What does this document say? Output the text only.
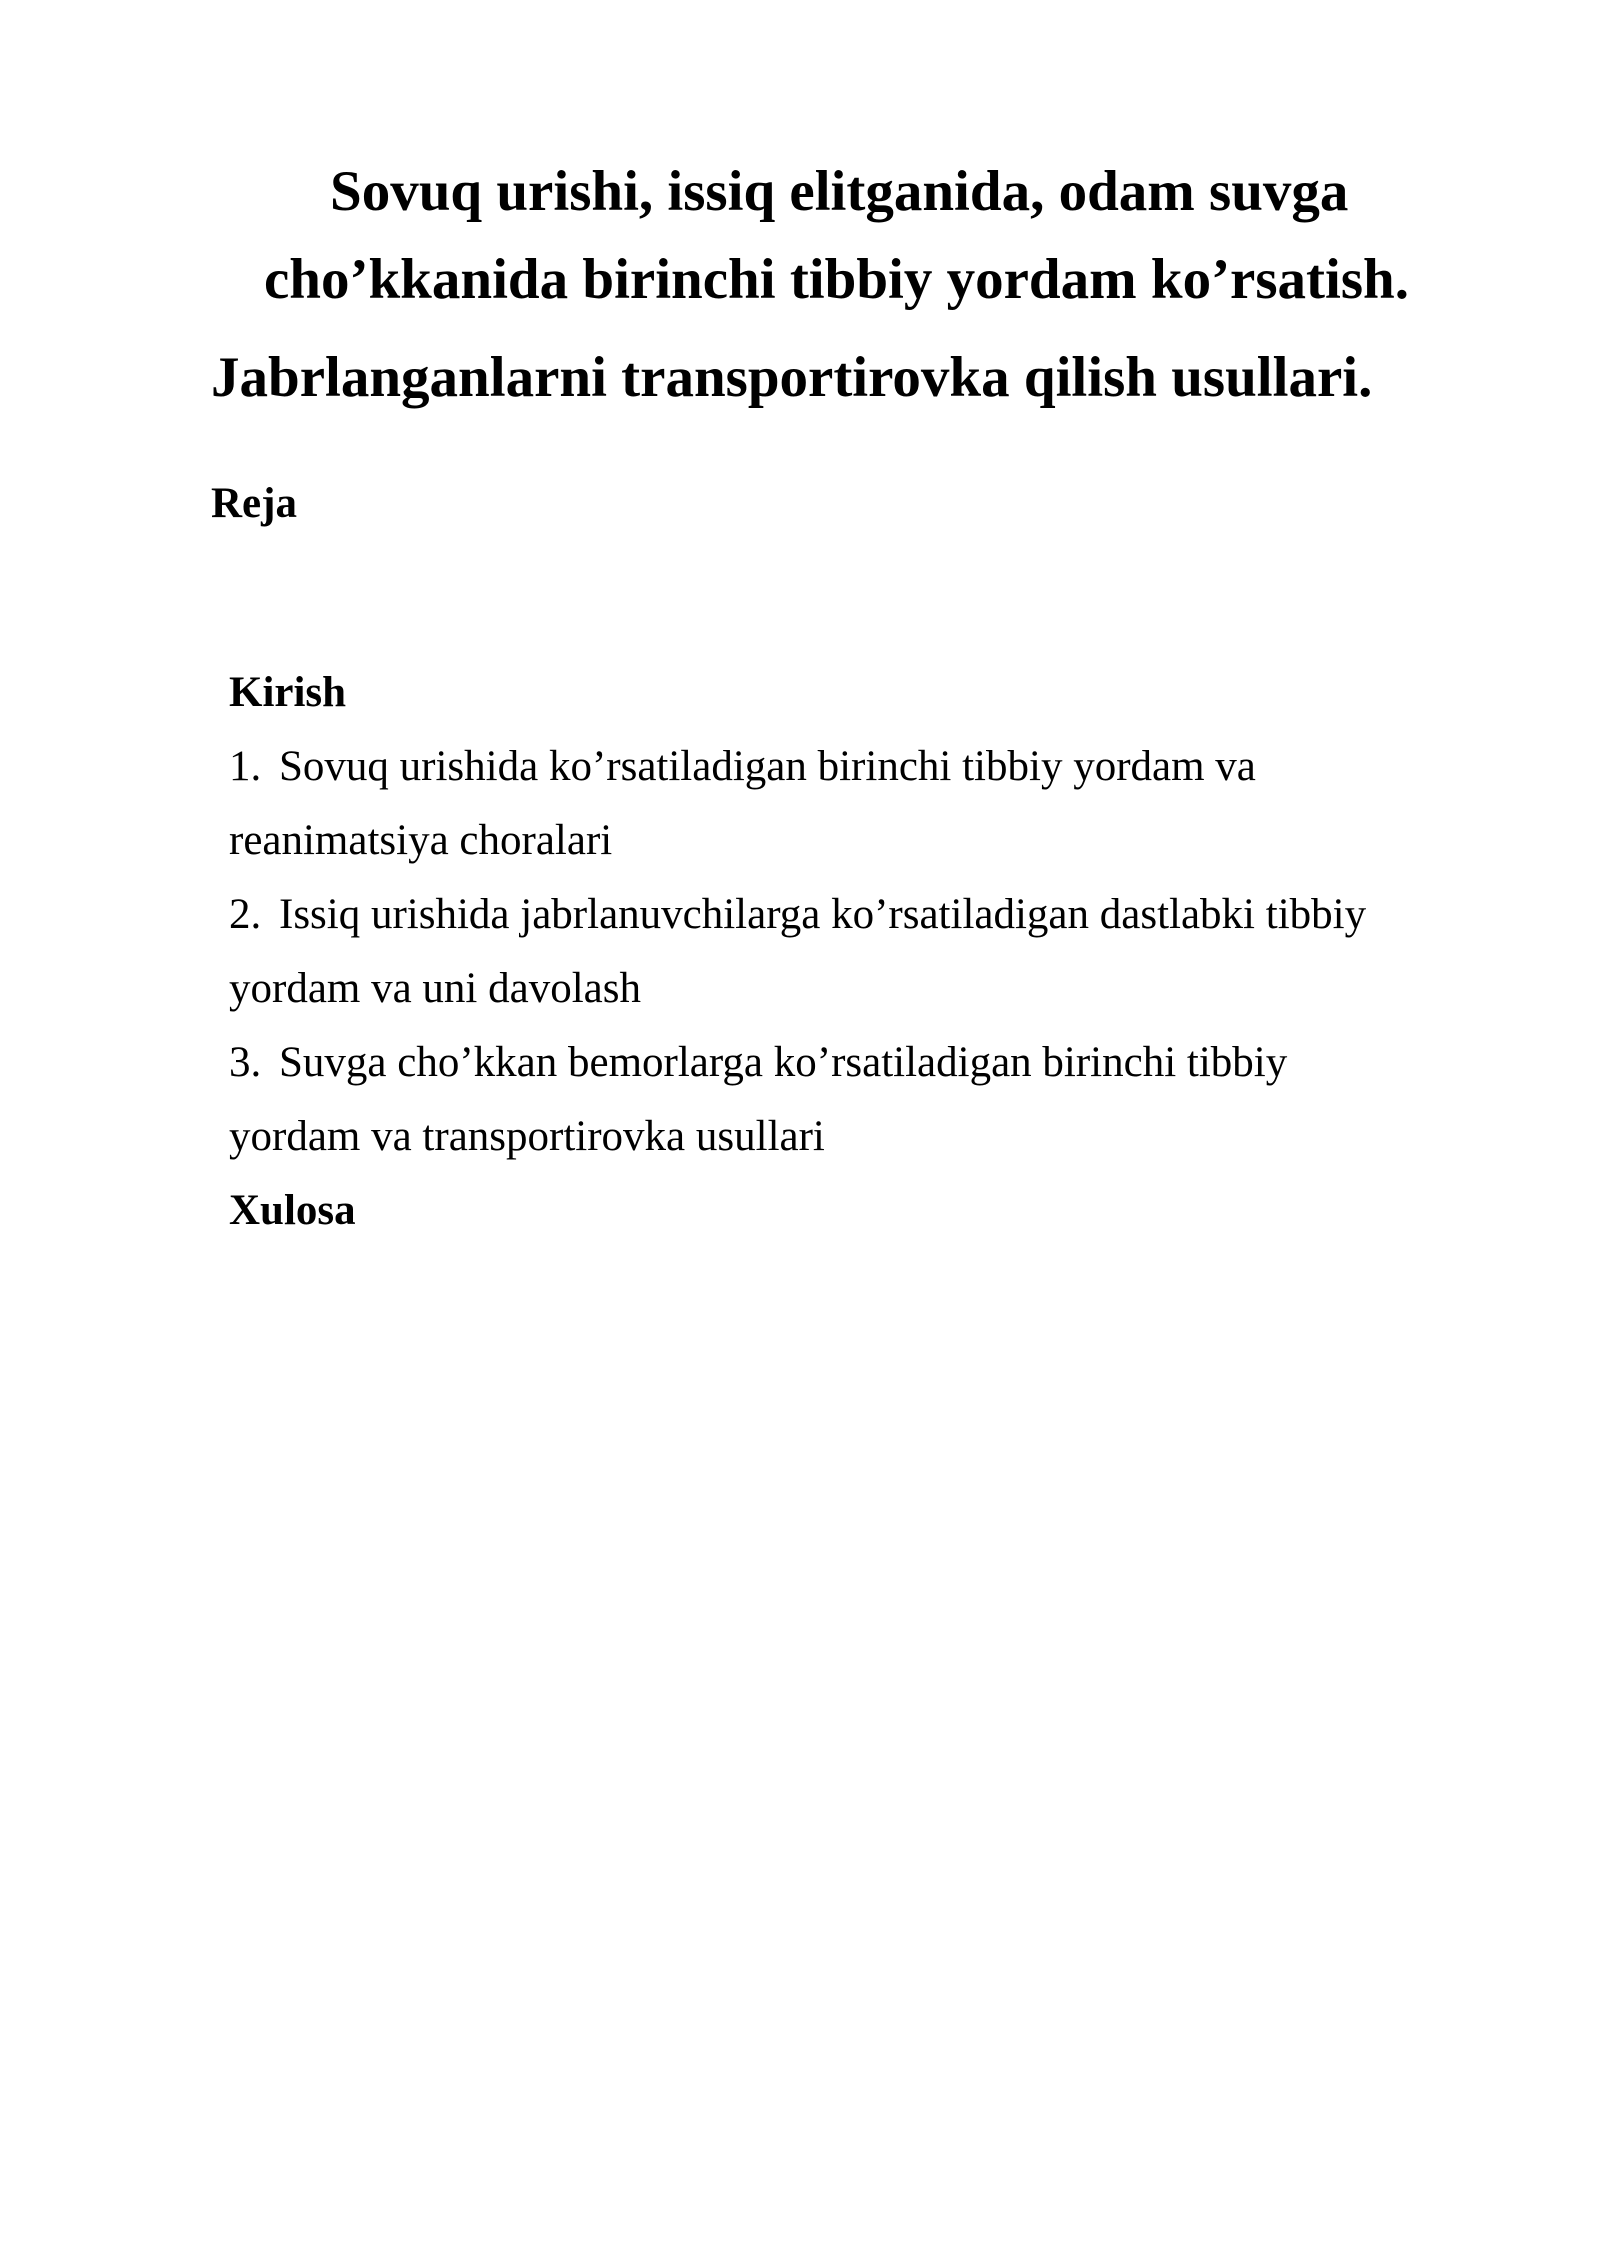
Sovuq urishi, issiq elitganida, odam suvga
cho’kkanida birinchi tibbiy yordam ko’rsatish.
Jabrlanganlarni transportirovka qilish usullari.
Reja
Kirish
1. Sovuq urishida ko’rsatiladigan birinchi tibbiy yordam va
reanimatsiya choralari
2. Issiq urishida jabrlanuvchilarga ko’rsatiladigan dastlabki tibbiy
yordam va uni davolash
3. Suvga cho’kkan bemorlarga ko’rsatiladigan birinchi tibbiy
yordam va transportirovka usullari
Xulosa
